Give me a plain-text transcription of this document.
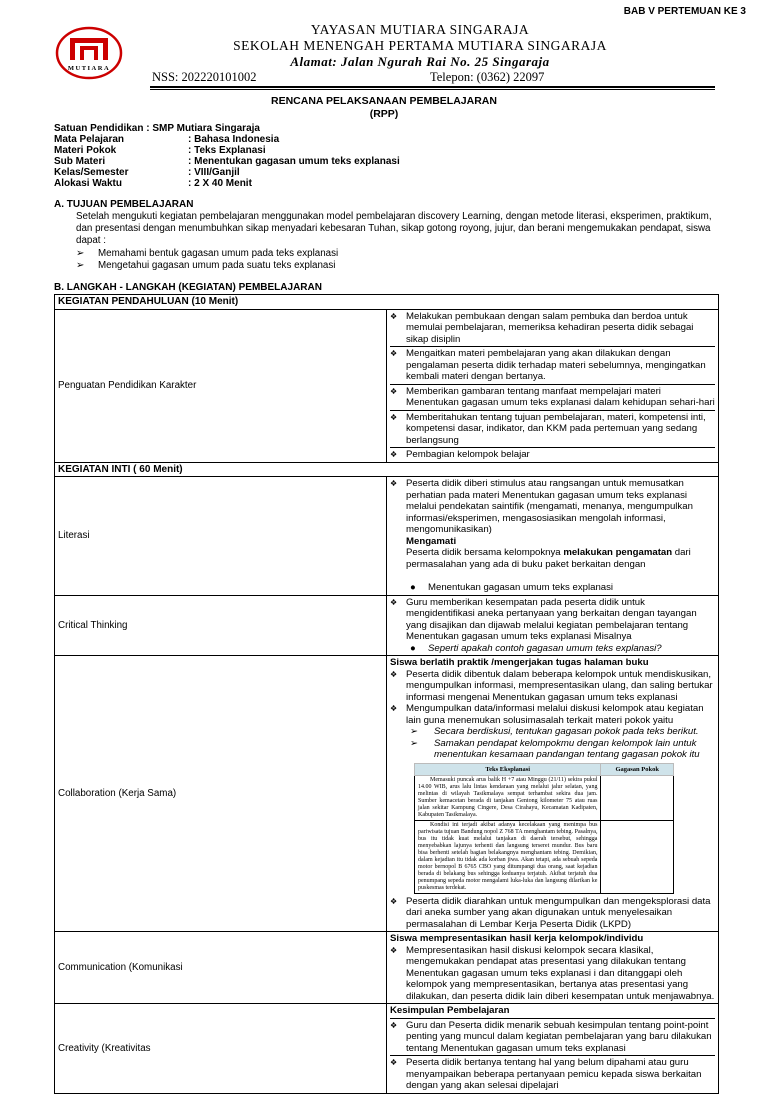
BAB V PERTEMUAN KE 3
MUTIARA
YAYASAN MUTIARA SINGARAJA
SEKOLAH MENENGAH PERTAMA MUTIARA SINGARAJA
Alamat: Jalan Ngurah Rai No. 25 Singaraja
NSS: 202220101002	Telepon: (0362) 22097
RENCANA PELAKSANAAN PEMBELAJARAN
(RPP)
Satuan Pendidikan : SMP Mutiara Singaraja
Mata Pelajaran	: Bahasa Indonesia
Materi Pokok	: Teks Explanasi
Sub Materi	: Menentukan gagasan umum teks explanasi
Kelas/Semester	: VIII/Ganjil
Alokasi Waktu	: 2 X 40 Menit
A. TUJUAN PEMBELAJARAN
Setelah mengukuti kegiatan pembelajaran menggunakan model pembelajaran discovery Learning, dengan metode literasi, eksperimen, praktikum, dan presentasi dengan menumbuhkan sikap menyadari kebesaran Tuhan, sikap gotong royong, jujur, dan berani mengemukakan pendapat, siswa dapat :
➢	Memahami bentuk gagasan umum pada teks explanasi
➢	Mengetahui gagasan umum pada suatu teks explanasi
B. LANGKAH - LANGKAH (KEGIATAN) PEMBELAJARAN
KEGIATAN PENDAHULUAN (10 Menit)
Penguatan Pendidikan Karakter	
❖ Melakukan pembukaan dengan salam pembuka dan berdoa untuk memulai pembelajaran, memeriksa kehadiran peserta didik sebagai sikap disiplin
❖ Mengaitkan materi pembelajaran yang akan dilakukan dengan pengalaman peserta didik terhadap materi sebelumnya, mengingatkan kembali materi dengan bertanya.
❖ Memberikan gambaran tentang manfaat mempelajari materi Menentukan gagasan umum teks explanasi dalam kehidupan sehari-hari
❖ Memberitahukan tentang tujuan pembelajaran, materi, kompetensi inti, kompetensi dasar, indikator, dan KKM pada pertemuan yang sedang berlangsung
❖ Pembagian kelompok belajar

KEGIATAN INTI ( 60 Menit)
Literasi	
❖ Peserta didik diberi stimulus atau rangsangan untuk memusatkan perhatian pada materi Menentukan gagasan umum teks explanasi melalui pendekatan saintifik (mengamati, menanya, mengumpulkan informasi/eksperimen, mengasosiasikan mengolah informasi, mengomunikasikan)
Mengamati
Peserta didik bersama kelompoknya melakukan pengamatan dari permasalahan yang ada di buku paket berkaitan dengan
●	Menentukan gagasan umum teks explanasi

Critical Thinking	
❖ Guru memberikan kesempatan pada peserta didik untuk mengidentifikasi aneka pertanyaan yang berkaitan dengan tayangan yang disajikan dan dijawab melalui kegiatan pembelajaran tentang Menentukan gagasan umum teks explanasi Misalnya
●	Seperti apakah contoh gagasan umum teks explanasi?

Collaboration (Kerja Sama)	
Siswa berlatih praktik /mengerjakan tugas halaman buku
❖ Peserta didik dibentuk dalam beberapa kelompok untuk mendiskusikan, mengumpulkan informasi, mempresentasikan ulang, dan saling bertukar informasi mengenai Menentukan gagasan umum teks explanasi
❖ Mengumpulkan data/informasi melalui diskusi kelompok atau kegiatan lain guna menemukan solusimasalah terkait materi pokok yaitu
➢	Secara berdiskusi, tentukan gagasan pokok pada teks berikut.
➢	Samakan pendapat kelompokmu dengan kelompok lain untuk menentukan kesamaan pandangan tentang gagasan pokok itu
Teks Eksplanasi	Gagasan Pokok
Memasuki puncak arus balik H +7 atau Minggu (21/11) sekira pukul 14.00 WIB, arus lalu lintas kendaraan yang melalui jalur selatan, yang melintas di wilayah Tasikmalaya sempat terhambat sekira dua jam. Sumber kemacetan berada di tanjakan Gentong kilometer 75 atau ruas jalan sekitar Kampung Cingere, Desa Cirahayu, Kecamatan Kadipaten, Kabupaten Tasikmalaya.	
Kondisi ini terjadi akibat adanya kecelakaan yang menimpa bus pariwisata tujuan Bandung nopol Z 768 TA menghantam tebing. Pasalnya, bus itu tidak kuat melalui tanjakan di daerah tersebut, sehingga menyebabkan lajunya terhenti dan langsung terseret mundur. Bus baru bisa berhenti setelah bagian belakangnya menghantam tebing. Demikian, dalam kejadian itu tidak ada korban jiwa. Akan tetapi, ada sebuah sepeda motor bernopol B 6765 CBO yang ditumpangi dua orang, saat kejadian berada di belakang bus sehingga keduanya terjatuh. Akibat terjatuh dua penumpang sepeda motor mengalami luka-luka dan langsung dilarikan ke puskesmas terdekat.	
❖ Peserta didik diarahkan untuk mengumpulkan dan mengeksplorasi data dari aneka sumber yang akan digunakan untuk menyelesaikan permasalahan di Lembar Kerja Peserta Didik (LKPD)

Communication (Komunikasi	
Siswa mempresentasikan hasil kerja kelompok/individu
❖ Mempresentasikan hasil diskusi kelompok secara klasikal, mengemukakan pendapat atas presentasi yang dilakukan tentang Menentukan gagasan umum teks explanasi i dan ditanggapi oleh kelompok yang mempresentasikan, bertanya atas presentasi yang dilakukan, dan peserta didik lain diberi kesempatan untuk menjawabnya.

Creativity (Kreativitas	
Kesimpulan Pembelajaran
❖ Guru dan Peserta didik menarik sebuah kesimpulan tentang point-point penting yang muncul dalam kegiatan pembelajaran yang baru dilakukan tentang Menentukan gagasan umum teks explanasi
❖ Peserta didik bertanya tentang hal yang belum dipahami atau guru menyampaikan beberapa pertanyaan pemicu kepada siswa berkaitan dengan yang akan selesai dipelajari
